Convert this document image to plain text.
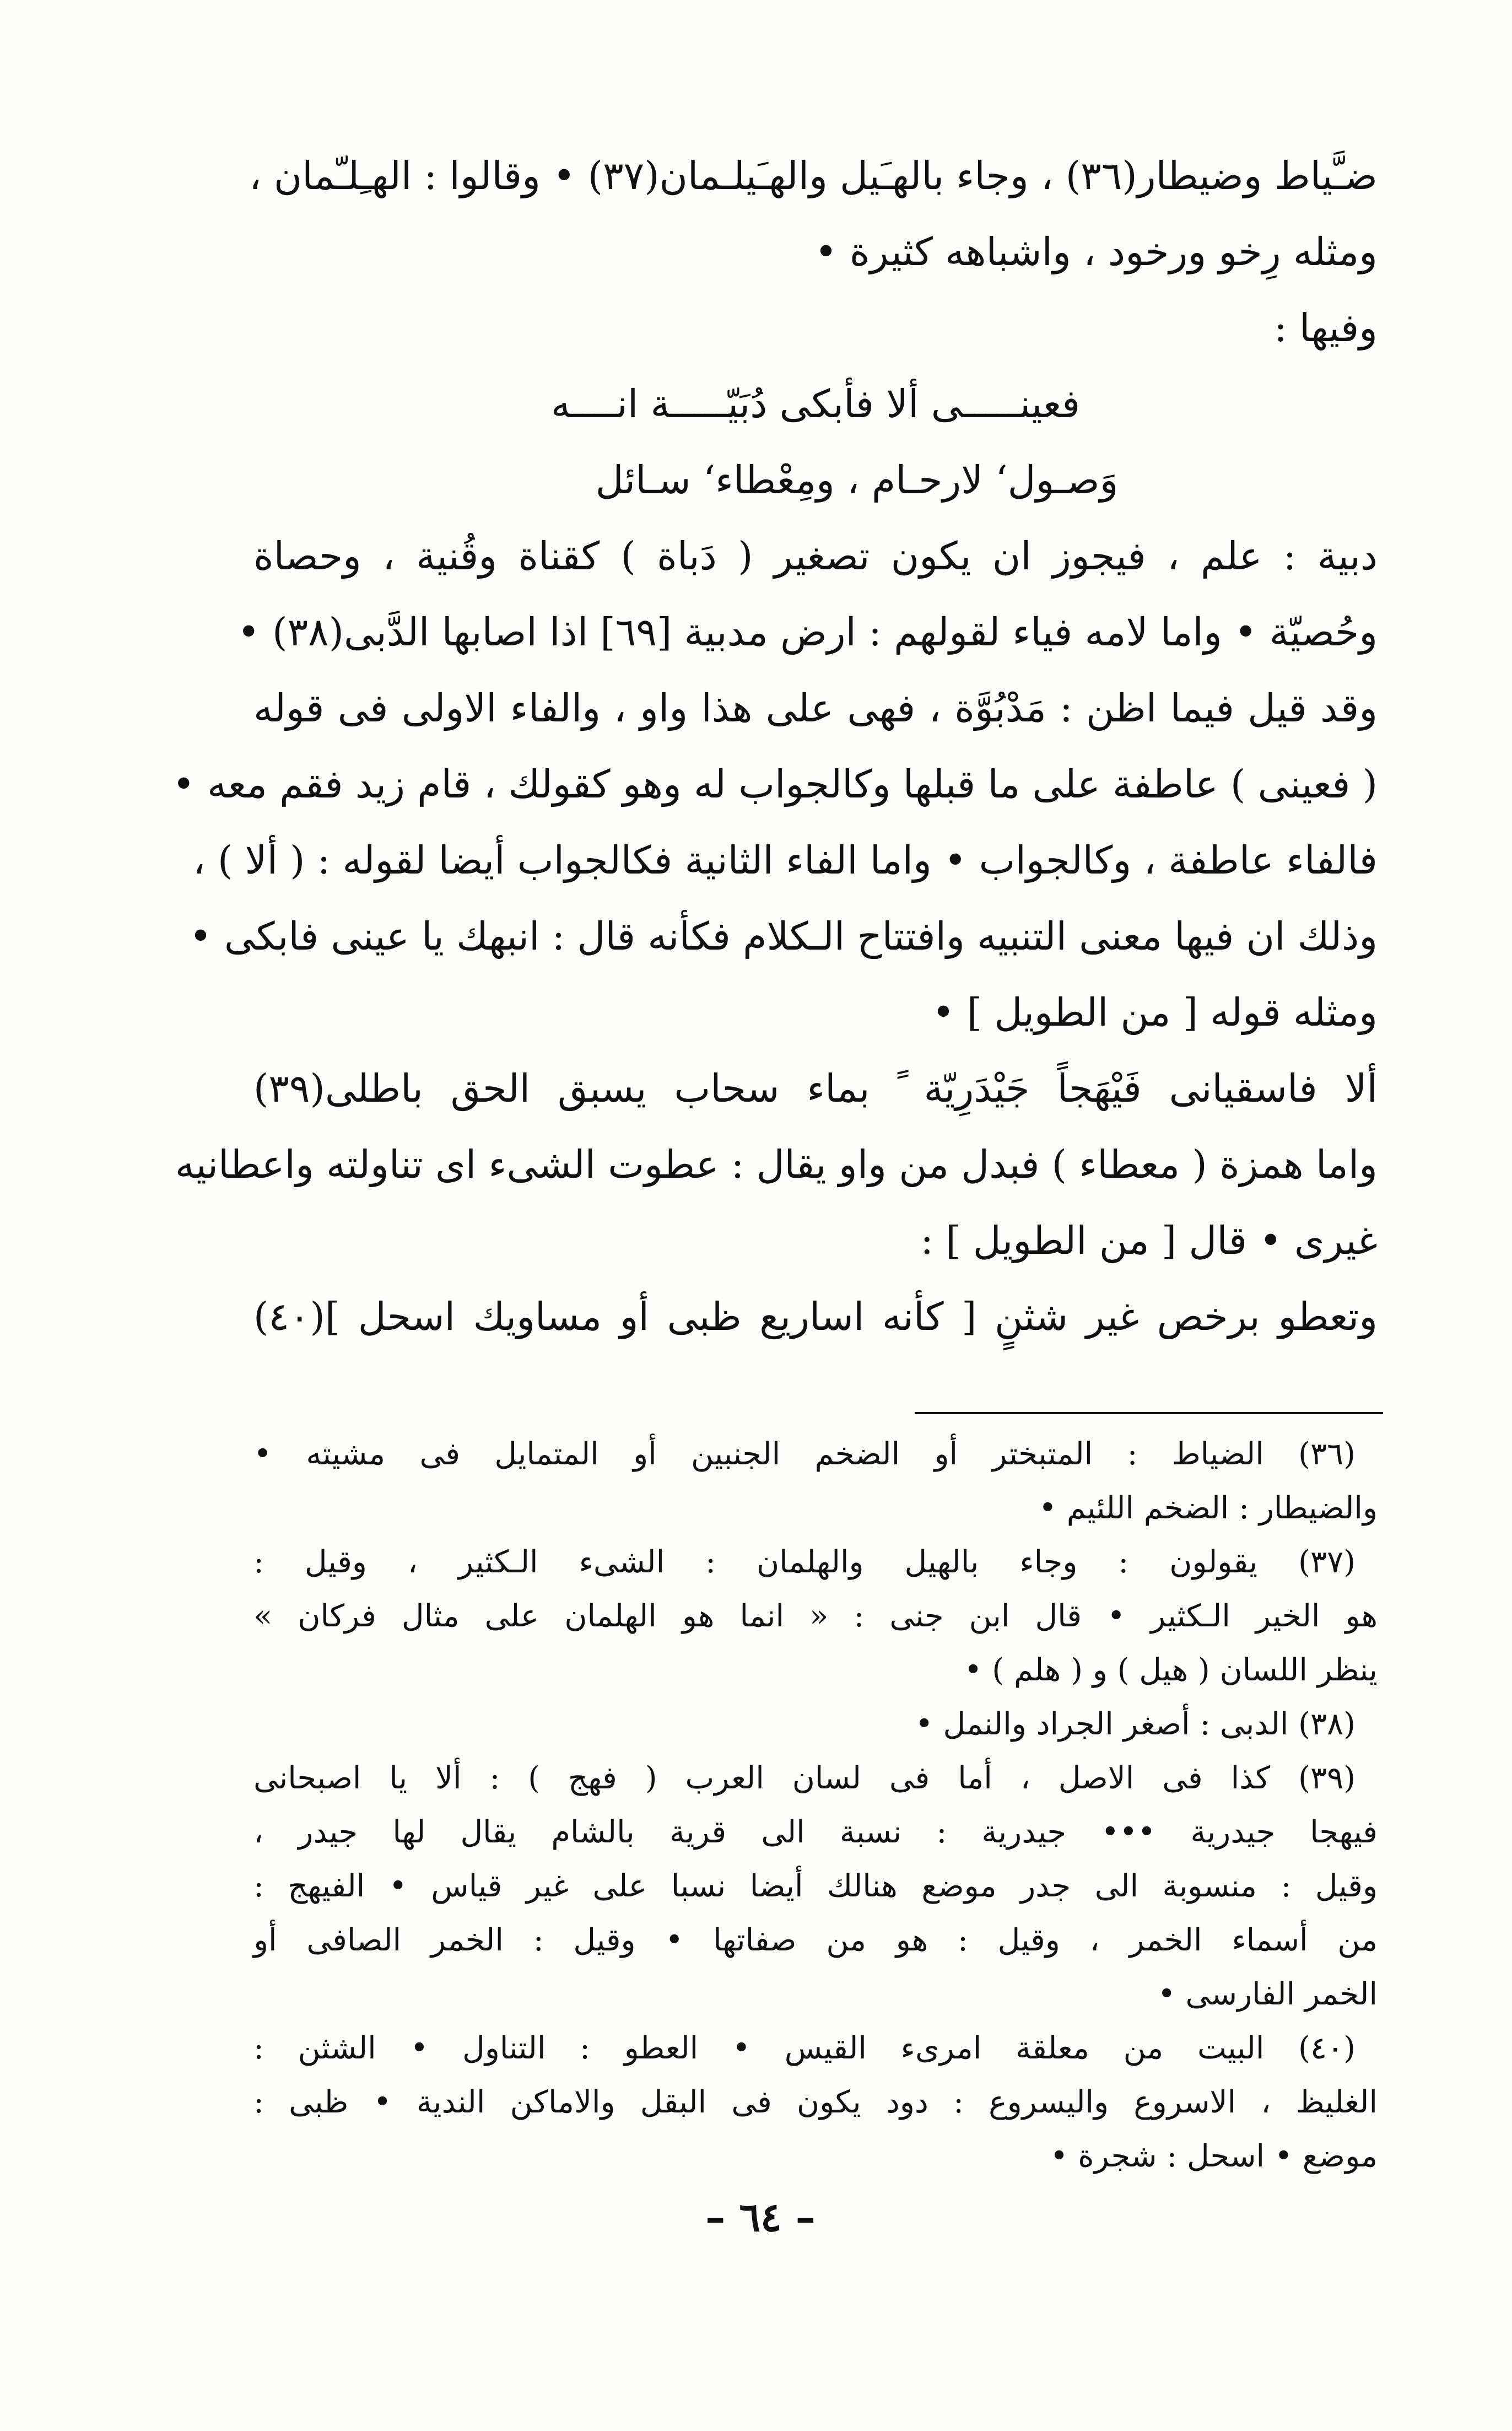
ضـَّياط وضيطار(٣٦) ، وجاء بالهـَيل والهـَيلـمان(٣٧) • وقالوا : الهـِلـّمان ،
ومثله رِخو ورخود ، واشباهه كثيرة •
وفيها :
فعينـــــى ألا فأبكى دُبَيّـــــة انــــه
وَصـول‘ لارحـام ، ومِعْطاء‘ سـائل
دبية : علم ، فيجوز ان يكون تصغير ( دَباة ) كقناة وقُنية ، وحصاة
وحُصيّة • واما لامه فياء لقولهم : ارض مدبية [٦٩] اذا اصابها الدَّبى(٣٨) •
وقد قيل فيما اظن : مَدْبُوَّة ، فهى على هذا واو ، والفاء الاولى فى قوله
( فعينى ) عاطفة على ما قبلها وكالجواب له وهو كقولك ، قام زيد فقم معه •
فالفاء عاطفة ، وكالجواب • واما الفاء الثانية فكالجواب أيضا لقوله : ( ألا ) ،
وذلك ان فيها معنى التنبيه وافتتاح الـكلام فكأنه قال : انبهك يا عينى فابكى •
ومثله قوله [ من الطويل ] •
ألا فاسقيانى فَيْهَجاً جَيْدَرِيّة ً بماء سحاب يسبق الحق باطلى(٣٩)
واما همزة ( معطاء ) فبدل من واو يقال : عطوت الشىء اى تناولته واعطانيه
غيرى • قال [ من الطويل ] :
وتعطو برخص غير شثنٍ [ كأنه اساريع ظبى أو مساويك اسحل ](٤٠)
(٣٦) الضياط : المتبختر أو الضخم الجنبين أو المتمايل فى مشيته •
والضيطار : الضخم اللئيم •
(٣٧) يقولون : وجاء بالهيل والهلمان : الشىء الـكثير ، وقيل :
هو الخير الـكثير • قال ابن جنى : « انما هو الهلمان على مثال فركان »
ينظر اللسان ( هيل ) و ( هلم ) •
(٣٨) الدبى : أصغر الجراد والنمل •
(٣٩) كذا فى الاصل ، أما فى لسان العرب ( فهج ) : ألا يا اصبحانى
فيهجا جيدرية ••• جيدرية : نسبة الى قرية بالشام يقال لها جيدر ،
وقيل : منسوبة الى جدر موضع هنالك أيضا نسبا على غير قياس • الفيهج :
من أسماء الخمر ، وقيل : هو من صفاتها • وقيل : الخمر الصافى أو
الخمر الفارسى •
(٤٠) البيت من معلقة امرىء القيس • العطو : التناول • الشثن :
الغليظ ، الاسروع واليسروع : دود يكون فى البقل والاماكن الندية • ظبى :
موضع • اسحل : شجرة •
– ٦٤ –
